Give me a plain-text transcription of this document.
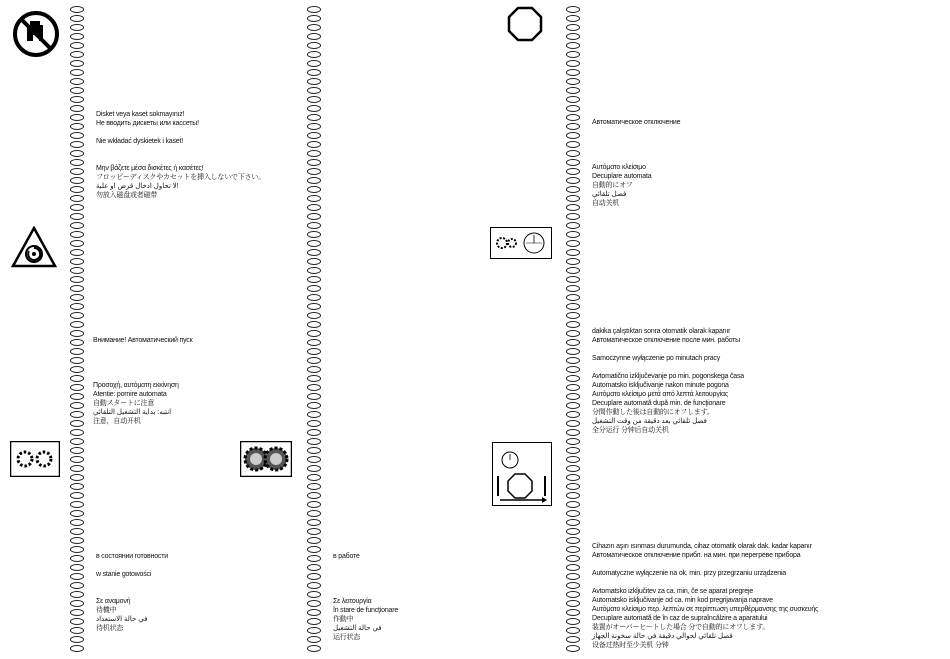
Disket veya kaset sokmayınız!
Не вводить дискеты или кассеты!

Nie wkładać dyskietek i kaset!

Μην βάζετε μέσα δισκέτες ή κασέτες!
フロッピーディスクやカセットを挿入しないで下さい。
لا تحاول ادخال قرص او علبة!
勿放入磁盘或者磁带
Внимание! Автоматический пуск

Προσοχή, αυτόματη εκκίνηση
Atentie: pornire automata
自動スタートに注意
انتبه: بداية التشغيل التلقائي
注意，自动开机
в состоянии готовности

w stanie gotowości

Σε αναμονή
待機中
في حالة الاستعداد
待机状态
в работе

Σε λειτουργία
în stare de funcţionare
作動中
في حالة التشغيل
运行状态
Автоматическое отключение

Αυτόματο κλείσιμο
Decuplare automata
自動的にオフ
فصل تلقائي
自动关机
dakika çalıştıktan sonra otomatik olarak kapanır
Автоматическое отключение после мин. работы

Samoczynne wyłączenie po minutach pracy

Avtomatično izključevanje po min. pogonskega časa
Automatsko isključivanje nakon minute pogona
Αυτόματο κλείσιμο μετά από λεπτά λειτουργίας
Decuplare automată după min. de funcţionare
分間作動した後は自動的にオフします。
فصل تلقائي بعد دقيقة من وقت التشغيل
全分运行 分钟后自动关机
Cihazın aşırı ısınması durumunda, cihaz otomatik olarak dak. kadar kapanır
Автоматическое отключение прибл. на мин. при перегреве прибора

Automatyczne wyłączenie na ok. min. przy przegrzaniu urządzenia

Avtomatsko izključitev za ca. min, če se aparat pregreje
Automatsko isključivanje od ca. min kod pregrijavanja naprave
Αυτόματο κλείσιμο περ. λεπτών σε περίπτωση υπερθέρμανσης της συσκευής
Decuplare automată de în caz de supraîncălzire a aparatului
装置がオーバーヒートした場合 分で自動的にオフします。
فصل تلقائي لحوالي دقيقة في حالة سخونة الجهاز
设备过热时至少关机 分钟
